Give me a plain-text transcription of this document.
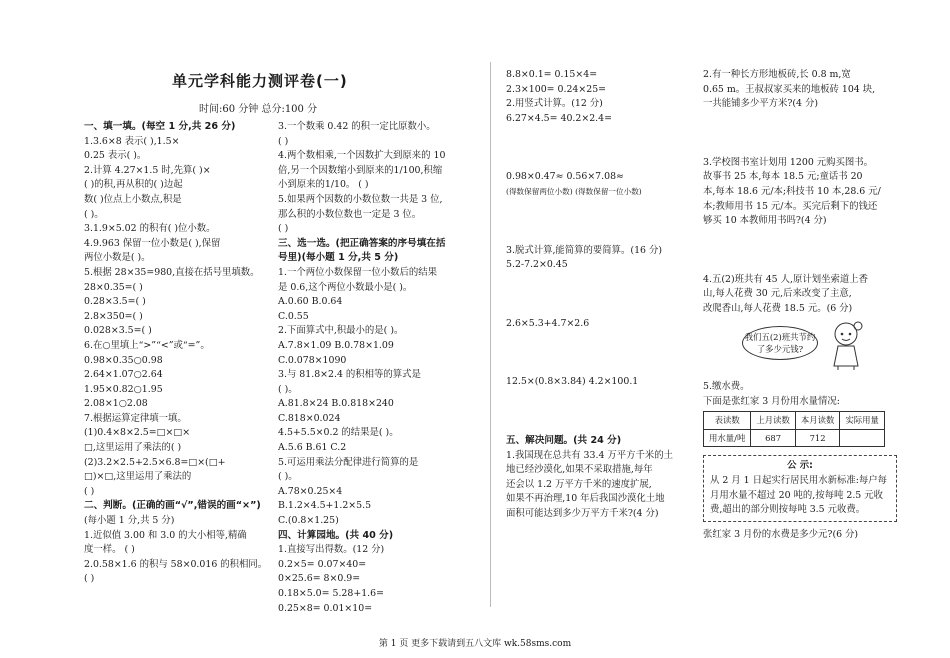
单元学科能力测评卷(一)
时间:60 分钟 总分:100 分
一、填一填。(每空 1 分,共 26 分)
1.3.6×8 表示( ),1.5×
0.25 表示( )。
2.计算 4.27×1.5 时,先算( )×
( )的积,再从积的( )边起
数( )位点上小数点,积是
( )。
3.1.9×5.02 的积有( )位小数。
4.9.963 保留一位小数是( ),保留
两位小数是( )。
5.根据 28×35=980,直接在括号里填数。
28×0.35=( )
0.28×3.5=( )
2.8×350=( )
0.028×3.5=( )
6.在○里填上“>”“<”或“=”。
0.98×0.35○0.98
2.64×1.07○2.64
1.95×0.82○1.95
2.08×1○2.08
7.根据运算定律填一填。
(1)0.4×8×2.5=□×□×
□,这里运用了乘法的( )
(2)3.2×2.5+2.5×6.8=□×(□+
□)×□,这里运用了乘法的
( )
二、判断。(正确的画“√”,错误的画“×”)
(每小题 1 分,共 5 分)
1.近似值 3.00 和 3.0 的大小相等,精确
度一样。 ( )
2.0.58×1.6 的积与 58×0.016 的积相同。
( )
3.一个数乘 0.42 的积一定比原数小。
( )
4.两个数相乘,一个因数扩大到原来的 10
倍,另一个因数缩小到原来的1/100,积缩
小到原来的1/10。 ( )
5.如果两个因数的小数位数一共是 3 位,
那么积的小数位数也一定是 3 位。
( )
三、选一选。(把正确答案的序号填在括
号里)(每小题 1 分,共 5 分)
1.一个两位小数保留一位小数后的结果
是 0.6,这个两位小数最小是( )。
A.0.60 B.0.64
C.0.55
2.下面算式中,积最小的是( )。
A.7.8×1.09 B.0.78×1.09
C.0.078×1090
3.与 81.8×2.4 的积相等的算式是
( )。
A.81.8×24 B.0.818×240
C.818×0.024
4.5+5.5×0.2 的结果是( )。
A.5.6 B.61 C.2
5.可运用乘法分配律进行简算的是
( )。
A.78×0.25×4
B.1.2×4.5+1.2×5.5
C.(0.8×1.25)
四、计算园地。(共 40 分)
1.直接写出得数。(12 分)
0.2×5= 0.07×40=
0×25.6= 8×0.9=
0.18×5.0= 5.28+1.6=
0.25×8= 0.01×10=
8.8×0.1= 0.15×4=
2.3×100= 0.24×25=
2.用竖式计算。(12 分)
6.27×4.5= 40.2×2.4=
0.98×0.47≈ 0.56×7.08≈
(得数保留两位小数) (得数保留一位小数)
3.脱式计算,能简算的要简算。(16 分)
5.2-7.2×0.45
2.6×5.3+4.7×2.6
12.5×(0.8×3.84) 4.2×100.1
五、解决问题。(共 24 分)
1.我国现在总共有 33.4 万平方千米的土
地已经沙漠化,如果不采取措施,每年
还会以 1.2 万平方千米的速度扩展,
如果不再治理,10 年后我国沙漠化土地
面积可能达到多少万平方千米?(4 分)
2.有一种长方形地板砖,长 0.8 m,宽
0.65 m。王叔叔家买来的地板砖 104 块,
一共能铺多少平方米?(4 分)
3.学校图书室计划用 1200 元购买图书。
故事书 25 本,每本 18.5 元;童话书 20
本,每本 18.6 元/本;科技书 10 本,28.6 元/
本;教师用书 15 元/本。买完后剩下的钱还
够买 10 本教师用书吗?(4 分)
4.五(2)班共有 45 人,原计划坐索道上香
山,每人花费 30 元,后来改变了主意,
改爬香山,每人花费 18.5 元。(6 分)
我们五(2)班共节约了多少元钱?
5.缴水费。
下面是张红家 3 月份用水量情况:
表读数	上月读数	本月读数	实际用量
用水量/吨	687	712	
公 示:
从 2 月 1 日起实行居民用水新标准:每户每月用水量不超过 20 吨的,按每吨 2.5 元收费,超出的部分则按每吨 3.5 元收费。
张红家 3 月份的水费是多少元?(6 分)
第 1 页 更多下载请到五八文库 wk.58sms.com
